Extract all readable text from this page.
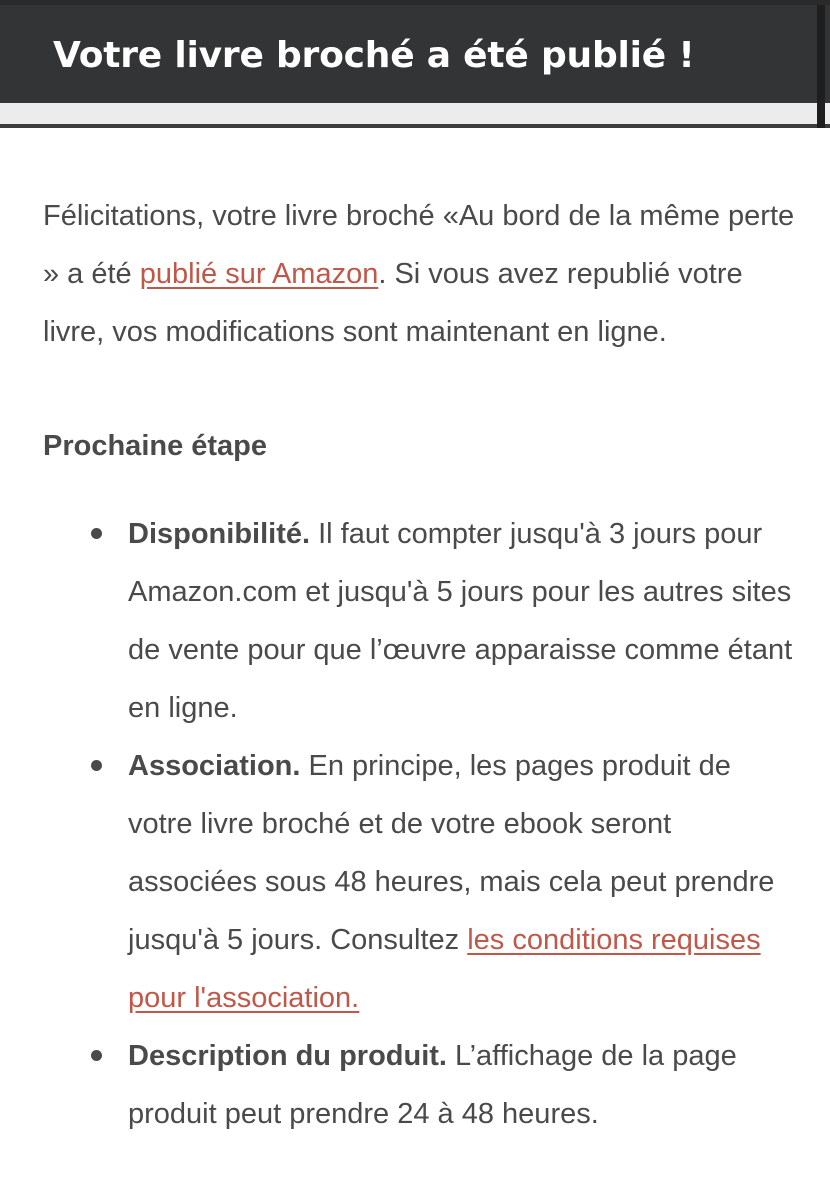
Votre livre broché a été publié !

Félicitations, votre livre broché «Au bord de la même perte » a été publié sur Amazon. Si vous avez republié votre livre, vos modifications sont maintenant en ligne.

Prochaine étape
Disponibilité. Il faut compter jusqu'à 3 jours pour Amazon.com et jusqu'à 5 jours pour les autres sites de vente pour que l’œuvre apparaisse comme étant en ligne.
Association. En principe, les pages produit de votre livre broché et de votre ebook seront associées sous 48 heures, mais cela peut prendre jusqu'à 5 jours. Consultez les conditions requises pour l'association.
Description du produit. L’affichage de la page produit peut prendre 24 à 48 heures.
